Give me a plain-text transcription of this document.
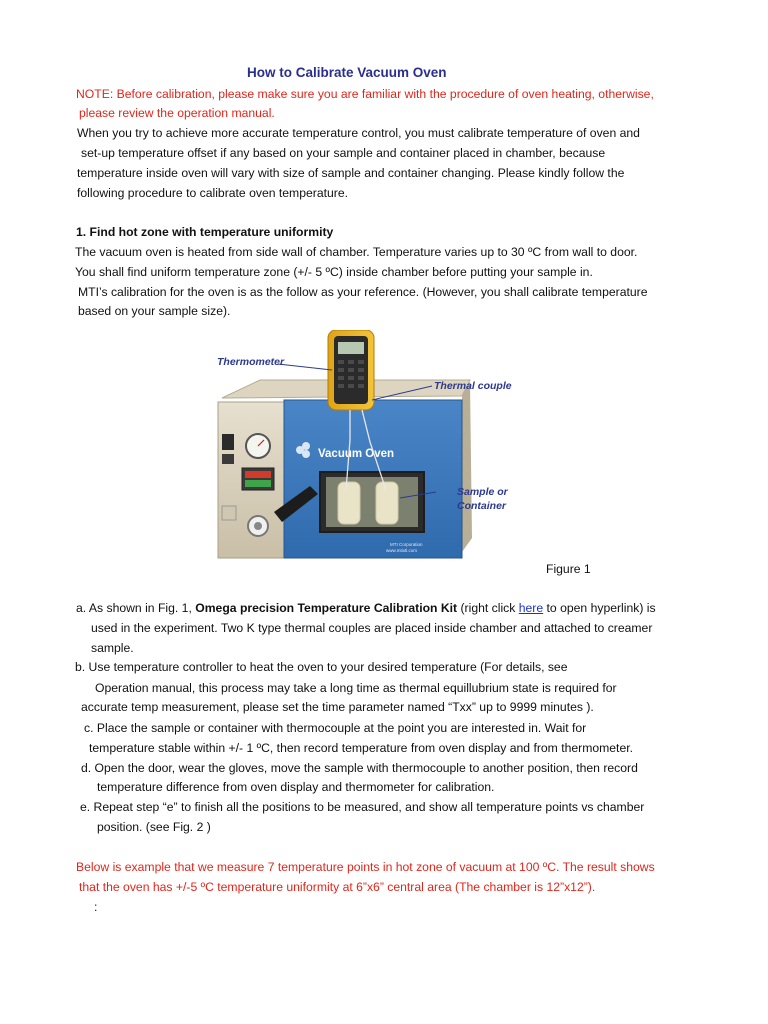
How to Calibrate Vacuum Oven
NOTE: Before calibration, please make sure you are familiar with the procedure of oven heating, otherwise,
please review the operation manual.
When you try to achieve more accurate temperature control, you must calibrate temperature of oven and
set-up temperature offset if any based on your sample and container placed in chamber, because
temperature inside oven will vary with size of sample and container changing. Please kindly follow the
following procedure to calibrate oven temperature.
1. Find hot zone with temperature uniformity
The vacuum oven is heated from side wall of chamber. Temperature varies up to 30 ºC from wall to door.
You shall find uniform temperature zone (+/- 5 ºC) inside chamber before putting your sample in.
MTI’s calibration for the oven is as the follow as your reference. (However, you shall calibrate temperature
based on your sample size).
Vacuum Oven
MTI Corporation
www.mtixtl.com
Thermometer
Thermal couple
Sample or
Container
Figure 1
a. As shown in Fig. 1, Omega precision Temperature Calibration Kit (right click here to open hyperlink) is
used in the experiment. Two K type thermal couples are placed inside chamber and attached to creamer
sample.
b. Use temperature controller to heat the oven to your desired temperature (For details, see
Operation manual, this process may take a long time as thermal equillubrium state is required for
accurate temp measurement, please set the time parameter named “Txx” up to 9999 minutes ).
c. Place the sample or container with thermocouple at the point you are interested in. Wait for
temperature stable within +/- 1 ºC, then record temperature from oven display and from thermometer.
d. Open the door, wear the gloves, move the sample with thermocouple to another position, then record
temperature difference from oven display and thermometer for calibration.
e. Repeat step “e” to finish all the positions to be measured, and show all temperature points vs chamber
position. (see Fig. 2 )
Below is example that we measure 7 temperature points in hot zone of vacuum at 100 ºC. The result shows
that the oven has +/-5 ºC temperature uniformity at 6”x6” central area (The chamber is 12”x12”).
:
